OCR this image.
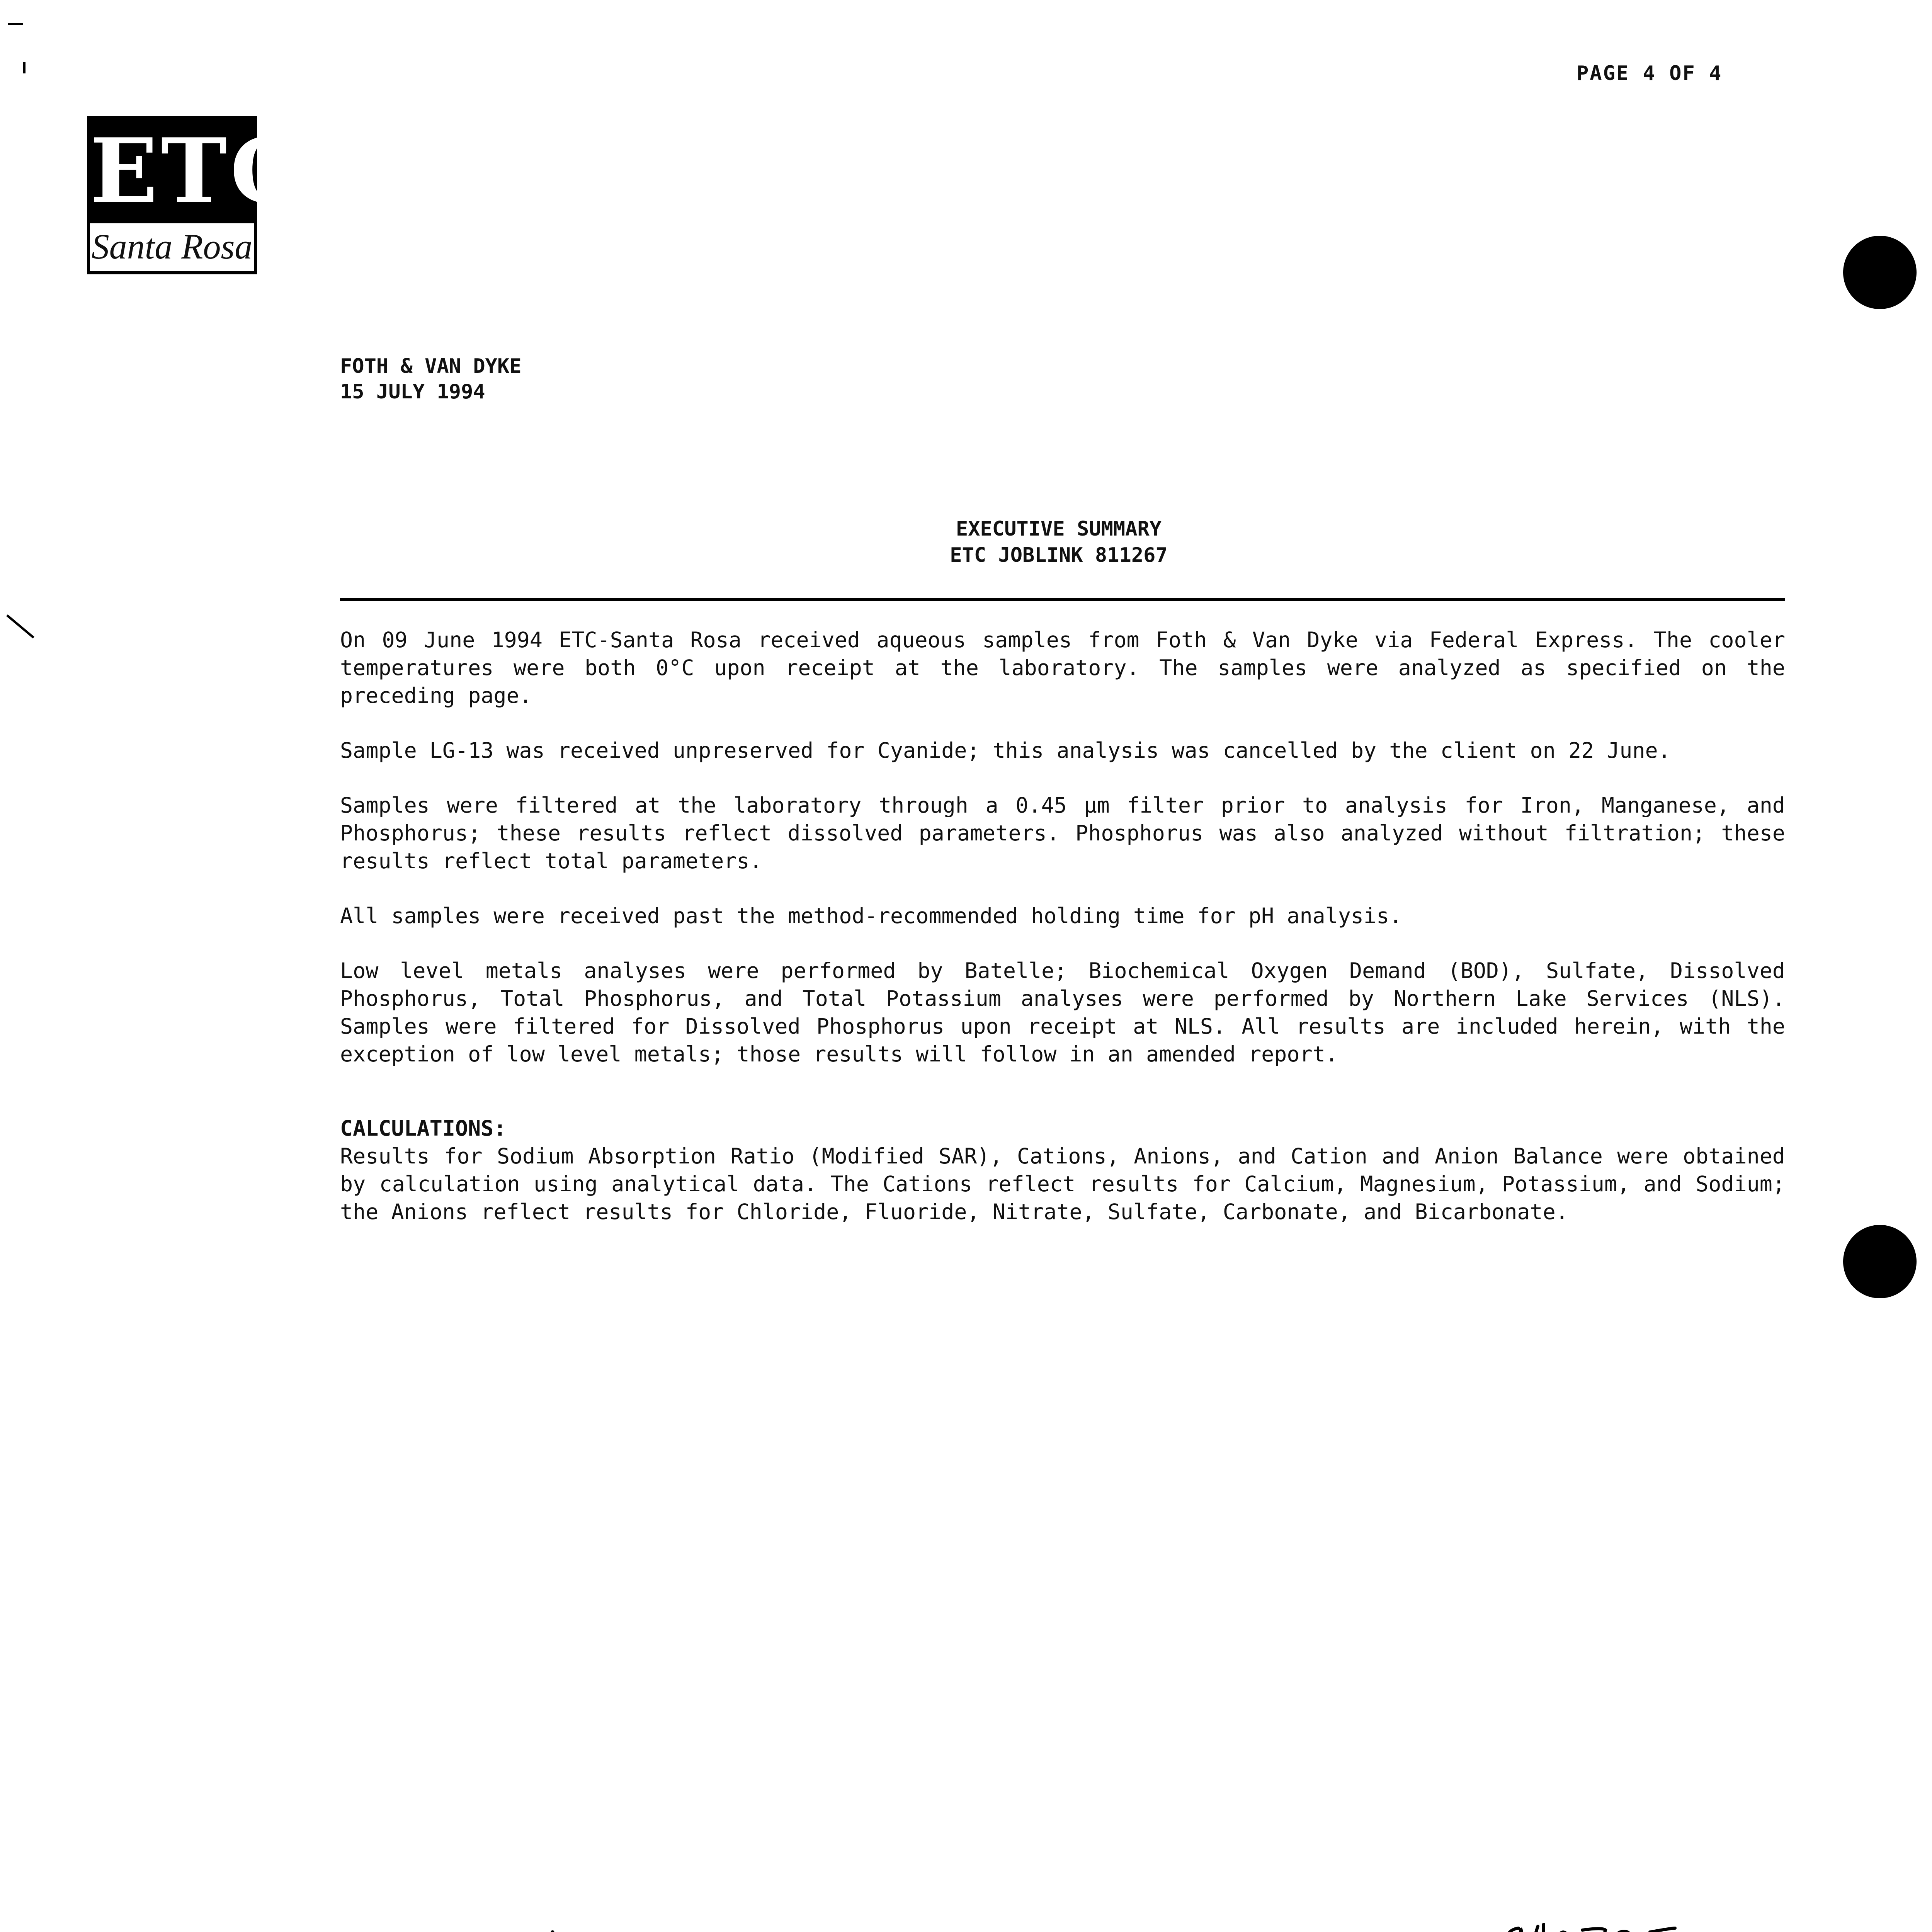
PAGE 4 OF 4
ETC
Santa Rosa
FOTH & VAN DYKE
15 JULY 1994
EXECUTIVE SUMMARY
ETC JOBLINK 811267

On 09 June 1994 ETC-Santa Rosa received aqueous samples from Foth & Van Dyke via Federal Express. The cooler temperatures were both 0°C upon receipt at the laboratory. The samples were analyzed as specified on the preceding page.

Sample LG-13 was received unpreserved for Cyanide; this analysis was cancelled by the client on 22 June.

Samples were filtered at the laboratory through a 0.45 µm filter prior to analysis for Iron, Manganese, and Phosphorus; these results reflect dissolved parameters. Phosphorus was also analyzed without filtration; these results reflect total parameters.

All samples were received past the method-recommended holding time for pH analysis.

Low level metals analyses were performed by Batelle; Biochemical Oxygen Demand (BOD), Sulfate, Dissolved Phosphorus, Total Phosphorus, and Total Potassium analyses were performed by Northern Lake Services (NLS). Samples were filtered for Dissolved Phosphorus upon receipt at NLS. All results are included herein, with the exception of low level metals; those results will follow in an amended report.

CALCULATIONS:

Results for Sodium Absorption Ratio (Modified SAR), Cations, Anions, and Cation and Anion Balance were obtained by calculation using analytical data. The Cations reflect results for Calcium, Magnesium, Potassium, and Sodium; the Anions reflect results for Chloride, Fluoride, Nitrate, Sulfate, Carbonate, and Bicarbonate.
